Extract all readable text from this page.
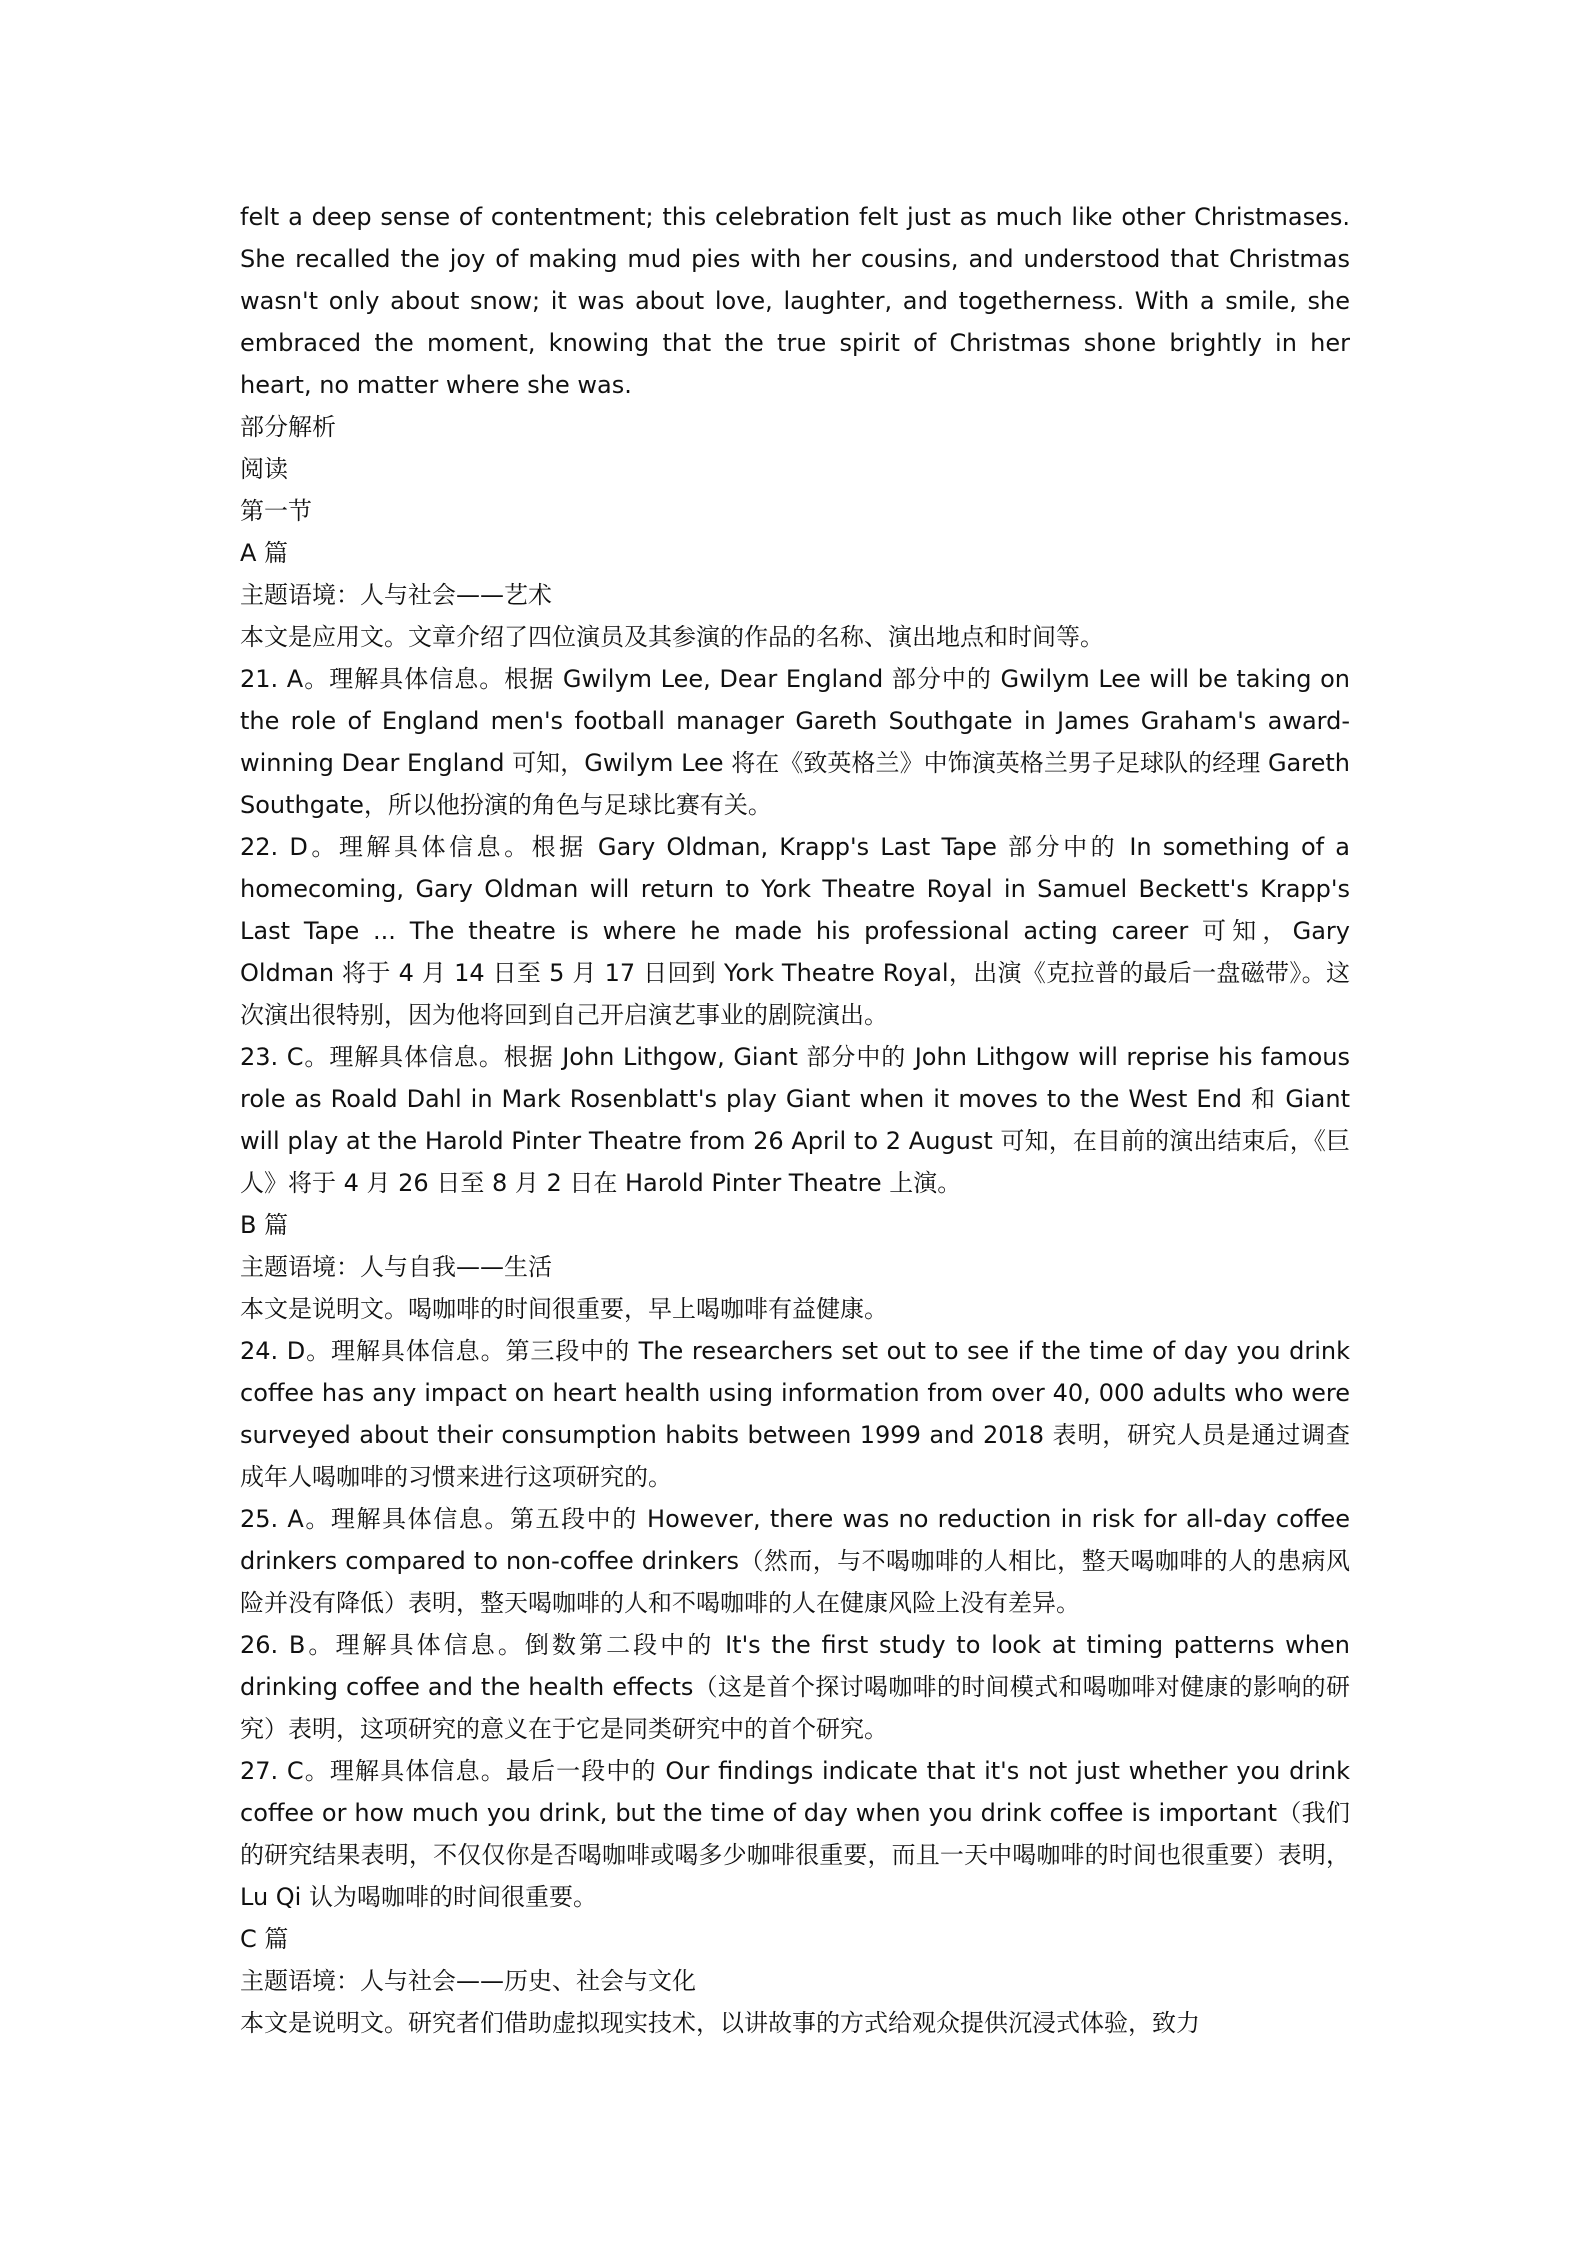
felt a deep sense of contentment; this celebration felt just as much like other Christmases. She recalled the joy of making mud pies with her cousins, and understood that Christmas wasn't only about snow; it was about love, laughter, and togetherness. With a smile, she embraced the moment, knowing that the true spirit of Christmas shone brightly in her heart, no matter where she was.

部分解析

阅读

第一节

A 篇

主题语境：人与社会——艺术

本文是应用文。文章介绍了四位演员及其参演的作品的名称、演出地点和时间等。

21. A。理解具体信息。根据 Gwilym Lee, Dear England 部分中的 Gwilym Lee will be taking on the role of England men's football manager Gareth Southgate in James Graham's award-winning Dear England 可知，Gwilym Lee 将在《致英格兰》中饰演英格兰男子足球队的经理 Gareth Southgate，所以他扮演的角色与足球比赛有关。

22. D。理解具体信息。根据 Gary Oldman, Krapp's Last Tape 部分中的 In something of a homecoming, Gary Oldman will return to York Theatre Royal in Samuel Beckett's Krapp's Last Tape ... The theatre is where he made his professional acting career 可知，Gary Oldman 将于 4 月 14 日至 5 月 17 日回到 York Theatre Royal，出演《克拉普的最后一盘磁带》。这次演出很特别，因为他将回到自己开启演艺事业的剧院演出。

23. C。理解具体信息。根据 John Lithgow, Giant 部分中的 John Lithgow will reprise his famous role as Roald Dahl in Mark Rosenblatt's play Giant when it moves to the West End 和 Giant will play at the Harold Pinter Theatre from 26 April to 2 August 可知，在目前的演出结束后，《巨人》将于 4 月 26 日至 8 月 2 日在 Harold Pinter Theatre 上演。

B 篇

主题语境：人与自我——生活

本文是说明文。喝咖啡的时间很重要，早上喝咖啡有益健康。

24. D。理解具体信息。第三段中的 The researchers set out to see if the time of day you drink coffee has any impact on heart health using information from over 40, 000 adults who were surveyed about their consumption habits between 1999 and 2018 表明，研究人员是通过调查成年人喝咖啡的习惯来进行这项研究的。

25. A。理解具体信息。第五段中的 However, there was no reduction in risk for all-day coffee drinkers compared to non-coffee drinkers（然而，与不喝咖啡的人相比，整天喝咖啡的人的患病风险并没有降低）表明，整天喝咖啡的人和不喝咖啡的人在健康风险上没有差异。

26. B。理解具体信息。倒数第二段中的 It's the first study to look at timing patterns when drinking coffee and the health effects（这是首个探讨喝咖啡的时间模式和喝咖啡对健康的影响的研究）表明，这项研究的意义在于它是同类研究中的首个研究。

27. C。理解具体信息。最后一段中的 Our findings indicate that it's not just whether you drink coffee or how much you drink, but the time of day when you drink coffee is important（我们的研究结果表明，不仅仅你是否喝咖啡或喝多少咖啡很重要，而且一天中喝咖啡的时间也很重要）表明，Lu Qi 认为喝咖啡的时间很重要。

C 篇

主题语境：人与社会——历史、社会与文化

本文是说明文。研究者们借助虚拟现实技术，以讲故事的方式给观众提供沉浸式体验，致力
